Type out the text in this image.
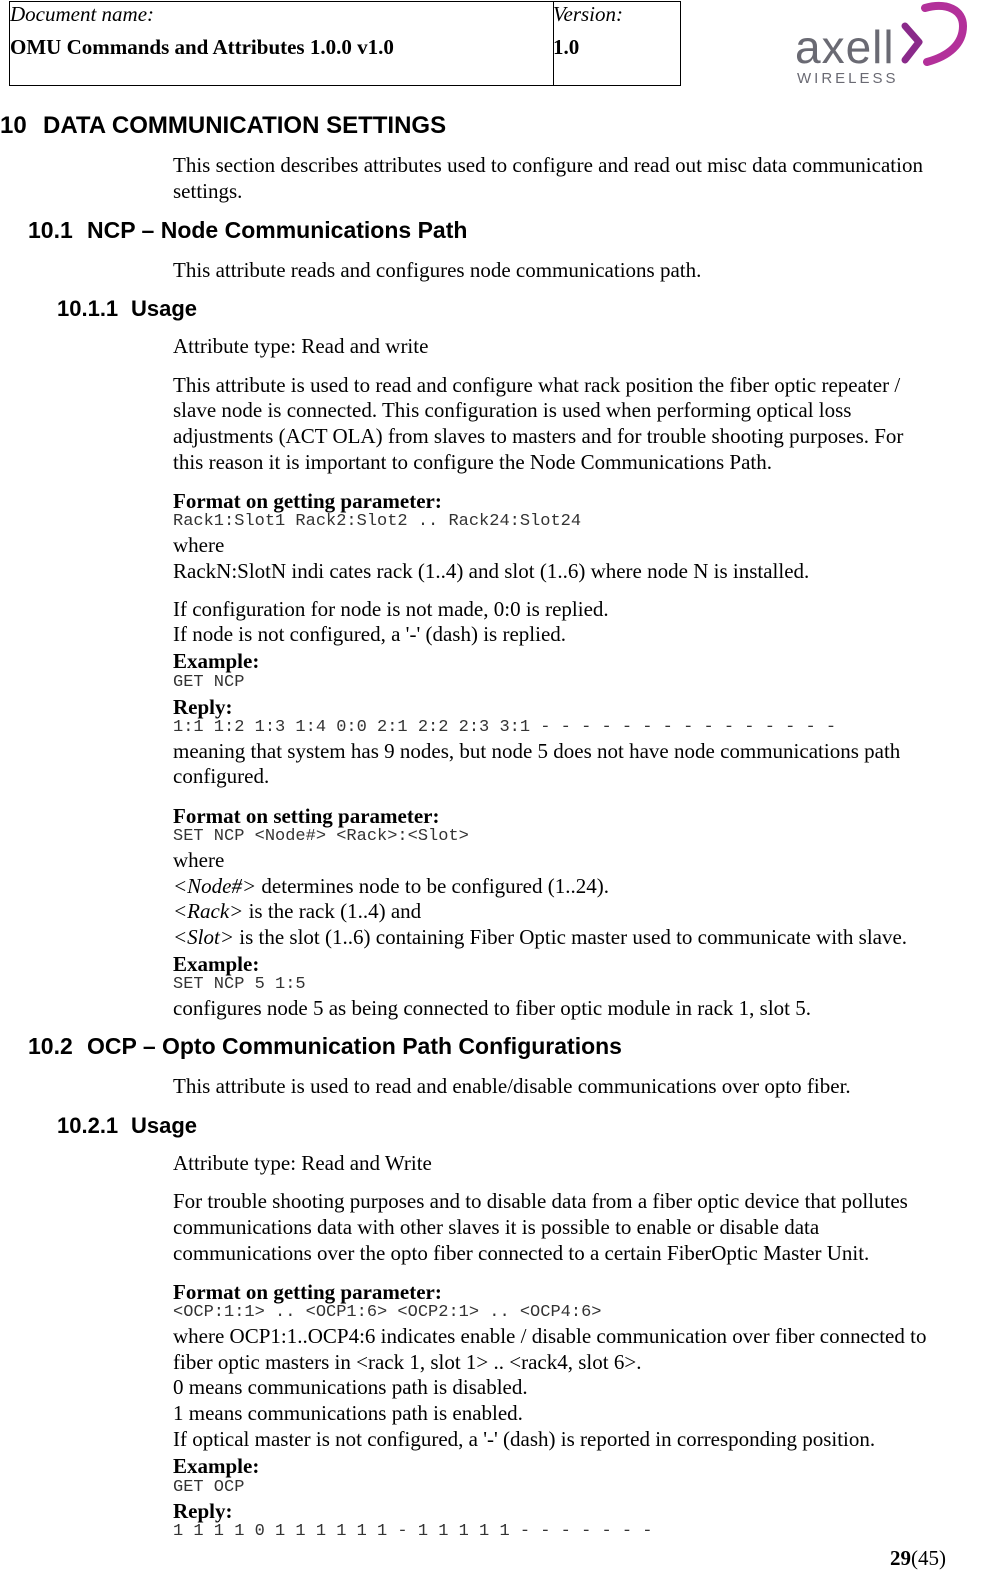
Document name:
OMU Commands and Attributes 1.0.0 v1.0
Version:
1.0	axell
WIRELESS
10 DATA COMMUNICATION SETTINGS
This section describes attributes used to configure and read out misc data communication
settings.
10.1 NCP – Node Communications Path
This attribute reads and configures node communications path.
10.1.1 Usage
Attribute type: Read and write
This attribute is used to read and configure what rack position the fiber optic repeater /
slave node is connected. This configuration is used when performing optical loss
adjustments (ACT OLA) from slaves to masters and for trouble shooting purposes. For
this reason it is important to configure the Node Communications Path.
Format on getting parameter:
Rack1:Slot1 Rack2:Slot2 .. Rack24:Slot24
where
RackN:SlotN indi cates rack (1..4) and slot (1..6) where node N is installed.
If configuration for node is not made, 0:0 is replied.
If node is not configured, a '-' (dash) is replied.
Example:
GET NCP
Reply:
1:1 1:2 1:3 1:4 0:0 2:1 2:2 2:3 3:1 - - - - - - - - - - - - - - -
meaning that system has 9 nodes, but node 5 does not have node communications path
configured.
Format on setting parameter:
SET NCP <Node#> <Rack>:<Slot>
where
<Node#> determines node to be configured (1..24).
<Rack> is the rack (1..4) and
<Slot> is the slot (1..6) containing Fiber Optic master used to communicate with slave.
Example:
SET NCP 5 1:5
configures node 5 as being connected to fiber optic module in rack 1, slot 5.
10.2 OCP – Opto Communication Path Configurations
This attribute is used to read and enable/disable communications over opto fiber.
10.2.1 Usage
Attribute type: Read and Write
For trouble shooting purposes and to disable data from a fiber optic device that pollutes
communications data with other slaves it is possible to enable or disable data
communications over the opto fiber connected to a certain FiberOptic Master Unit.
Format on getting parameter:
<OCP:1:1> .. <OCP1:6> <OCP2:1> .. <OCP4:6>
where OCP1:1..OCP4:6 indicates enable / disable communication over fiber connected to
fiber optic masters in <rack 1, slot 1> .. <rack4, slot 6>.
0 means communications path is disabled.
1 means communications path is enabled.
If optical master is not configured, a '-' (dash) is reported in corresponding position.
Example:
GET OCP
Reply:
1 1 1 1 0 1 1 1 1 1 1 - 1 1 1 1 1 - - - - - - -
29(45)
